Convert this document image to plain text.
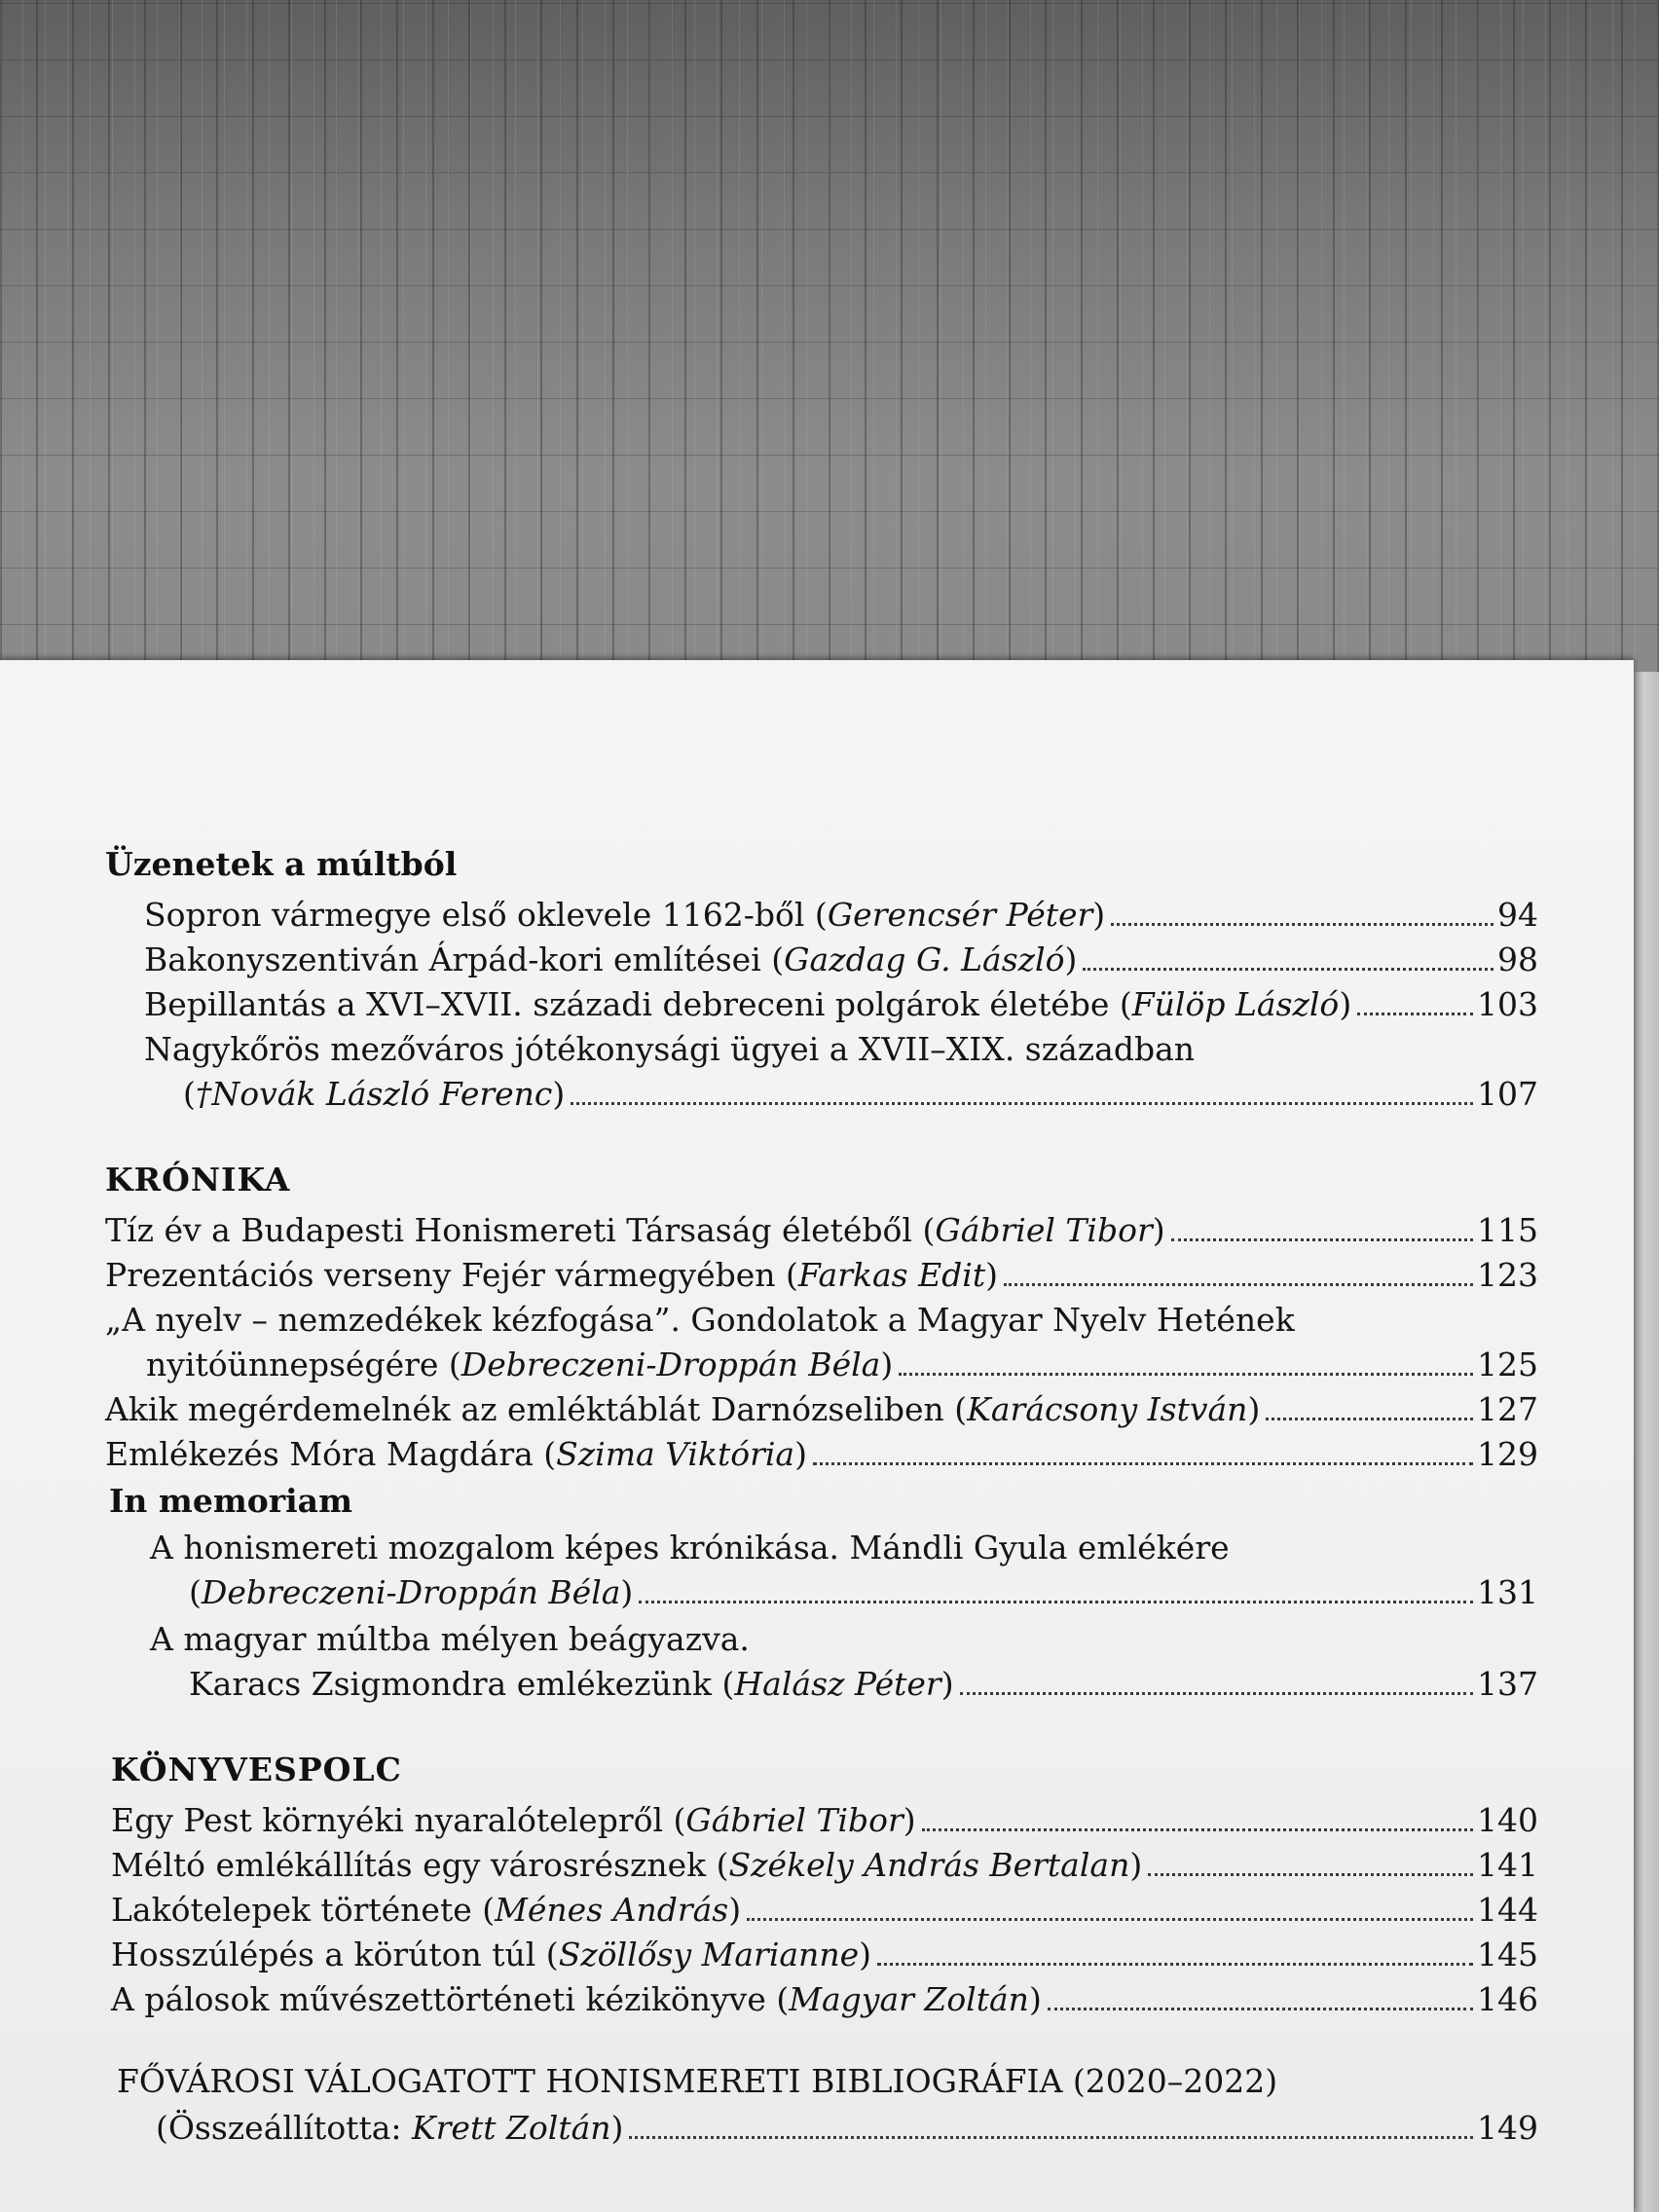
Üzenetek a múltból
Sopron vármegye első oklevele 1162-ből (Gerencsér Péter)	94
Bakonyszentiván Árpád-kori említései (Gazdag G. László)	98
Bepillantás a XVI–XVII. századi debreceni polgárok életébe (Fülöp László)	103
Nagykőrös mezőváros jótékonysági ügyei a XVII–XIX. században
(†Novák László Ferenc)	107
KRÓNIKA
Tíz év a Budapesti Honismereti Társaság életéből (Gábriel Tibor)	115
Prezentációs verseny Fejér vármegyében (Farkas Edit)	123
„A nyelv – nemzedékek kézfogása”. Gondolatok a Magyar Nyelv Hetének
nyitóünnepségére (Debreczeni-Droppán Béla)	125
Akik megérdemelnék az emléktáblát Darnózseliben (Karácsony István)	127
Emlékezés Móra Magdára (Szima Viktória)	129
In memoriam
A honismereti mozgalom képes krónikása. Mándli Gyula emlékére
(Debreczeni-Droppán Béla)	131
A magyar múltba mélyen beágyazva.
Karacs Zsigmondra emlékezünk (Halász Péter)	137
KÖNYVESPOLC
Egy Pest környéki nyaralótelepről (Gábriel Tibor)	140
Méltó emlékállítás egy városrésznek (Székely András Bertalan)	141
Lakótelepek története (Ménes András)	144
Hosszúlépés a körúton túl (Szöllősy Marianne)	145
A pálosok művészettörténeti kézikönyve (Magyar Zoltán)	146
FŐVÁROSI VÁLOGATOTT HONISMERETI BIBLIOGRÁFIA (2020–2022)
(Összeállította: Krett Zoltán)	149
